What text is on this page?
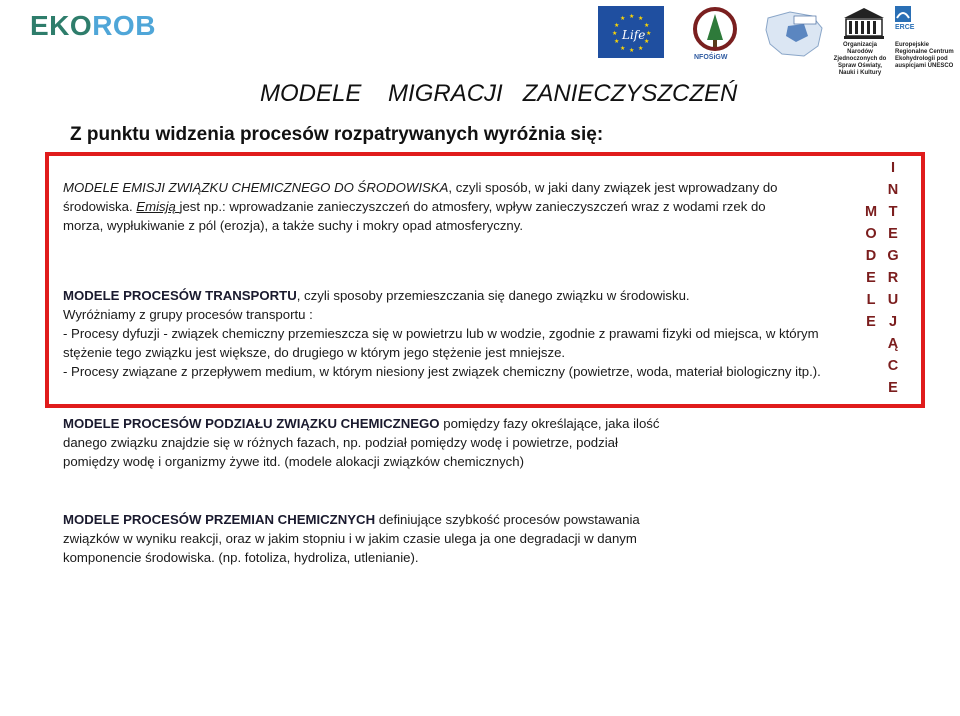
EKOROB	★ ★
★
★
★
★
★
★
★
★
★
★
Life
NFOŚiGW
Organizacja Narodów Zjednoczonych do Spraw Oświaty, Nauki i Kultury
ERCE
Europejskie Regionalne Centrum Ekohydrologii pod auspicjami UNESCO
MODELE    MIGRACJI   ZANIECZYSZCZEŃ
Z punktu widzenia procesów rozpatrywanych wyróżnia się:
MODELE EMISJI ZWIĄZKU CHEMICZNEGO DO ŚRODOWISKA, czyli sposób, w jaki dany związek jest wprowadzany do środowiska. Emisją jest np.: wprowadzanie zanieczyszczeń do atmosfery, wpływ zanieczyszczeń wraz z wodami rzek do morza, wypłukiwanie z pól (erozja), a także suchy i mokry opad atmosferyczny.
MODELE PROCESÓW TRANSPORTU, czyli sposoby przemieszczania się danego związku w środowisku.
Wyróżniamy z grupy procesów transportu :
- Procesy dyfuzji - związek chemiczny przemieszcza się w powietrzu lub w wodzie, zgodnie z prawami fizyki od miejsca, w którym stężenie tego związku jest większe, do drugiego w którym jego stężenie jest mniejsze.
- Procesy związane z przepływem medium, w którym niesiony jest związek chemiczny (powietrze, woda, materiał biologiczny itp.).
MODELE PROCESÓW PODZIAŁU ZWIĄZKU CHEMICZNEGO pomiędzy fazy określające, jaka ilość danego związku znajdzie się w różnych fazach, np. podział pomiędzy wodę i powietrze, podział pomiędzy wodę i organizmy żywe itd. (modele alokacji związków chemicznych)
MODELE PROCESÓW PRZEMIAN CHEMICZNYCH definiujące szybkość procesów powstawania związków w wyniku reakcji, oraz w jakim stopniu i w jakim czasie ulega ja one degradacji w danym komponencie środowiska. (np. fotoliza, hydroliza, utlenianie).
M
O
D
E
L
E
I
N
T
E
G
R
U
J
Ą
C
E
